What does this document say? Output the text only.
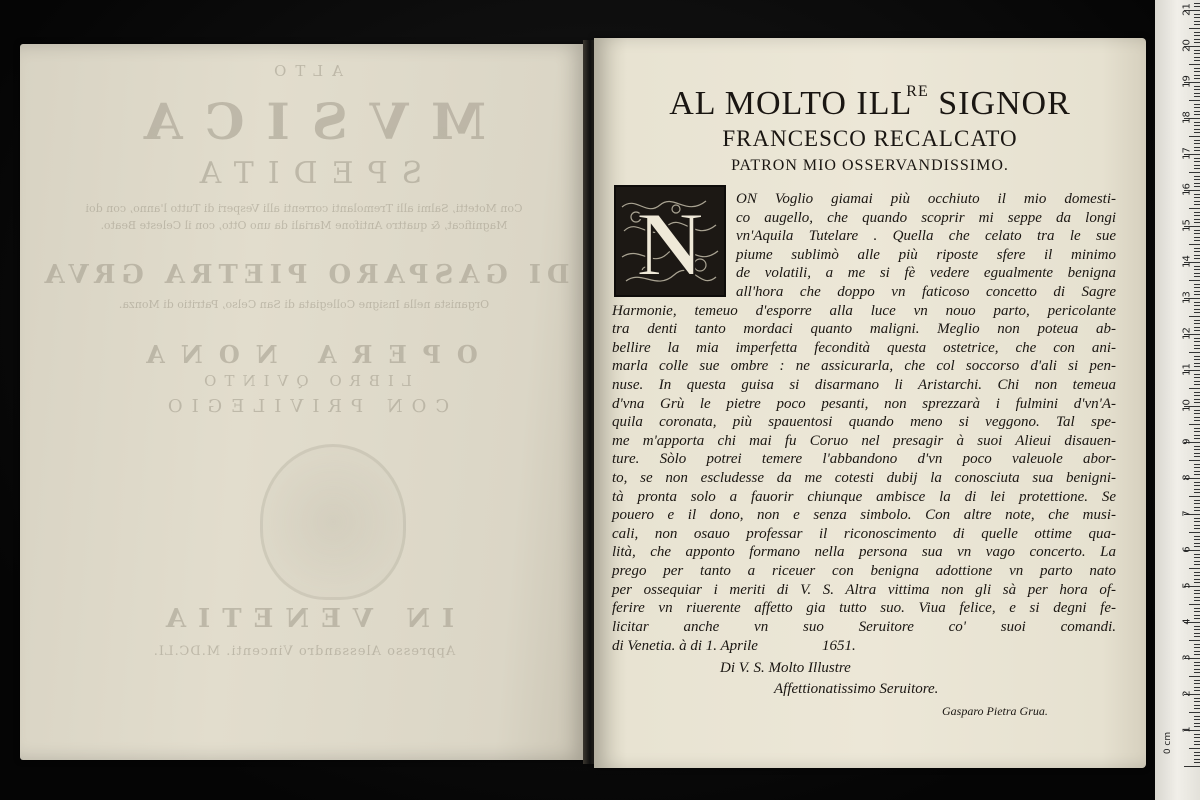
ALTO
MVSICA
SPEDITA
Con Motetti, Salmi alli Tremolanti correnti alli Vesperi di Tutto l'anno, con doi Magnificat, & quattro Antifone Mariali da uno Otto, con il Celeste Beato.
DI GASPARO PIETRA GRVA
Organista nella Insigne Collegiata di San Celso, Patritio di Monza.
OPERA NONA
LIBRO QVINTO
CON PRIVILEGIO
IN VENETIA
Appresso Alessandro Vincenti. M.DC.LI.
AL MOLTO ILLRE SIGNOR
FRANCESCO RECALCATO
PATRON MIO OSSERVANDISSIMO.
N ON Voglio giamai più occhiuto il mio domesti-
co augello, che quando scoprir mi seppe da longi
vn'Aquila Tutelare . Quella che celato tra le sue
piume sublimò alle più riposte sfere il minimo
de volatili, a me si fè vedere egualmente benigna
all'hora che doppo vn faticoso concetto di Sagre
Harmonie, temeuo d'esporre alla luce vn nouo parto, pericolante
tra denti tanto mordaci quanto maligni. Meglio non poteua ab-
bellire la mia imperfetta fecondità questa ostetrice, che con ani-
marla colle sue ombre : ne assicurarla, che col soccorso d'ali si pen-
nuse. In questa guisa si disarmano li Aristarchi. Chi non temeua
d'vna Grù le pietre poco pesanti, non sprezzarà i fulmini d'vn'A-
quila coronata, più spauentosi quando meno si veggono. Tal spe-
me m'apporta chi mai fu Coruo nel presagir à suoi Alieui disauen-
ture. Sòlo potrei temere l'abbandono d'vn poco valeuole abor-
to, se non escludesse da me cotesti dubij la conosciuta sua benigni-
tà pronta solo a fauorir chiunque ambisce la di lei protettione. Se
pouero e il dono, non e senza simbolo. Con altre note, che musi-
cali, non osauo professar il riconoscimento di quelle ottime qua-
lità, che apponto formano nella persona sua vn vago concerto. La
prego per tanto a riceuer con benigna adottione vn parto nato
per ossequiar i meriti di V. S. Altra vittima non gli sà per hora of-
ferire vn riuerente affetto gia tutto suo. Viua felice, e si degni fe-
licitar anche vn suo Seruitore co' suoi comandi.
di Venetia. à di 1. Aprile	1651.
Di V. S. Molto Illustre
Affettionatissimo Seruitore.
Gasparo Pietra Grua.
0 cm
1
2
3
4
5
6
7
8
9
10
11
12
13
14
15
16
17
18
19
20
21
